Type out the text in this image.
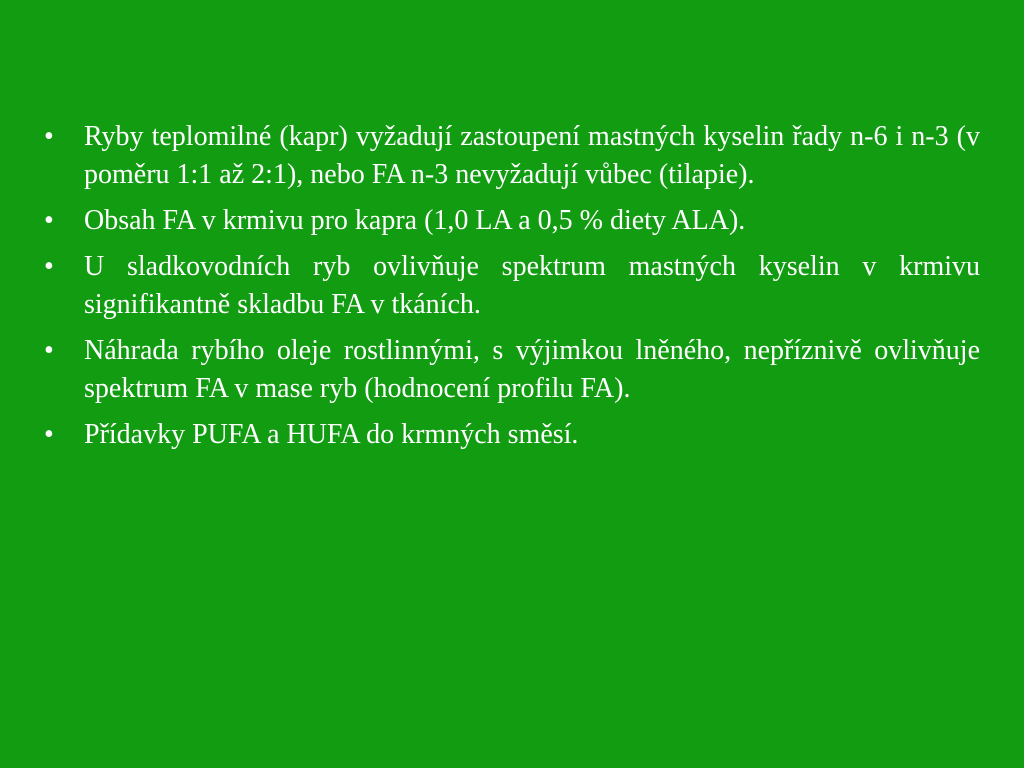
•	Ryby teplomilné (kapr) vyžadují zastoupení mastných kyselin řady n-6 i n-3 (v poměru 1:1 až 2:1), nebo FA n-3 nevyžadují vůbec (tilapie).
•	Obsah FA v krmivu pro kapra (1,0 LA a 0,5 % diety ALA).
•	U sladkovodních ryb ovlivňuje spektrum mastných kyselin v krmivu signifikantně skladbu FA v tkáních.
•	Náhrada rybího oleje rostlinnými, s výjimkou lněného, nepříznivě ovlivňuje spektrum FA v mase ryb (hodnocení profilu FA).
•	Přídavky PUFA a HUFA do krmných směsí.
